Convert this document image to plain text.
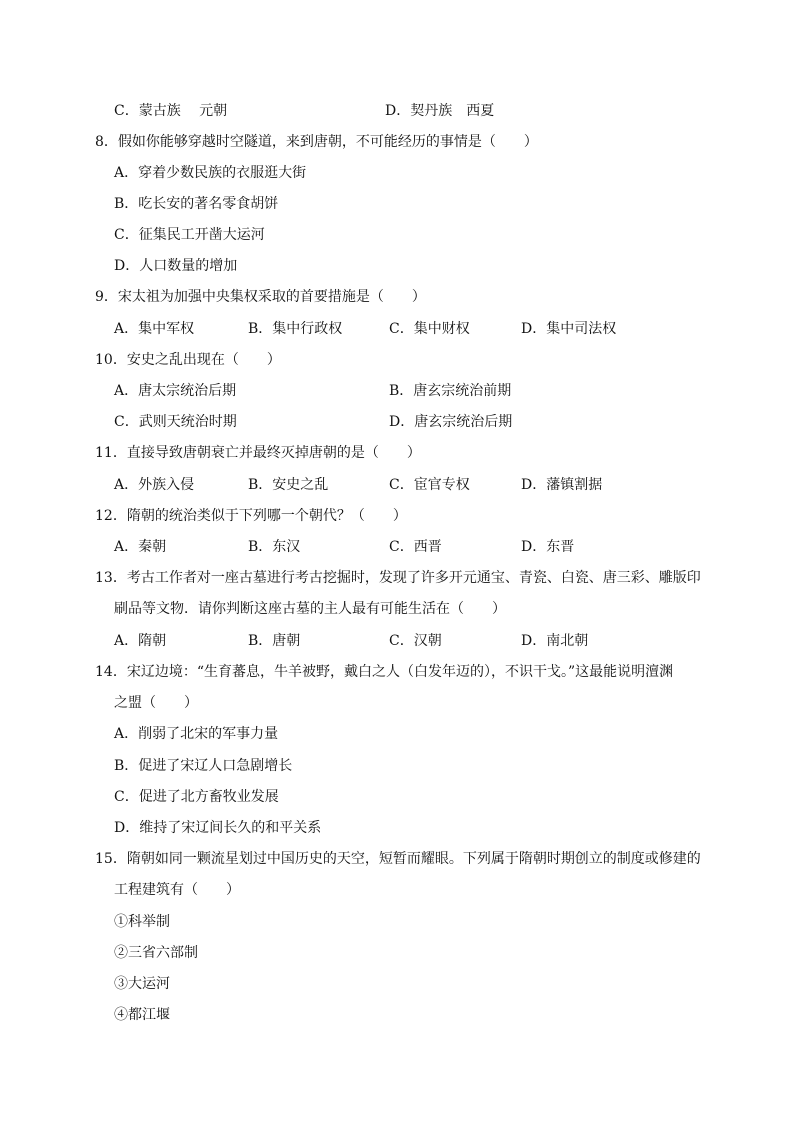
C．蒙古族　 元朝	D．契丹族　西夏
8．假如你能够穿越时空隧道，来到唐朝，不可能经历的事情是（　　）
A．穿着少数民族的衣服逛大街
B．吃长安的著名零食胡饼
C．征集民工开凿大运河
D．人口数量的增加
9．宋太祖为加强中央集权采取的首要措施是（　　）
A．集中军权	B．集中行政权	C．集中财权	D．集中司法权
10．安史之乱出现在（　　）
A．唐太宗统治后期	B．唐玄宗统治前期
C．武则天统治时期	D．唐玄宗统治后期
11．直接导致唐朝衰亡并最终灭掉唐朝的是（　　）
A．外族入侵	B．安史之乱	C．宦官专权	D．藩镇割据
12．隋朝的统治类似于下列哪一个朝代？（　　）
A．秦朝	B．东汉	C．西晋	D．东晋
13．考古工作者对一座古墓进行考古挖掘时，发现了许多开元通宝、青瓷、白瓷、唐三彩、雕版印
刷品等文物．请你判断这座古墓的主人最有可能生活在（　　）
A．隋朝	B．唐朝	C．汉朝	D．南北朝
14．宋辽边境：“生育蕃息，牛羊被野，戴白之人（白发年迈的），不识干戈。”这最能说明澶渊
之盟（　　）
A．削弱了北宋的军事力量
B．促进了宋辽人口急剧增长
C．促进了北方畜牧业发展
D．维持了宋辽间长久的和平关系
15．隋朝如同一颗流星划过中国历史的天空，短暂而耀眼。下列属于隋朝时期创立的制度或修建的
工程建筑有（　　）
①科举制
②三省六部制
③大运河
④都江堰
